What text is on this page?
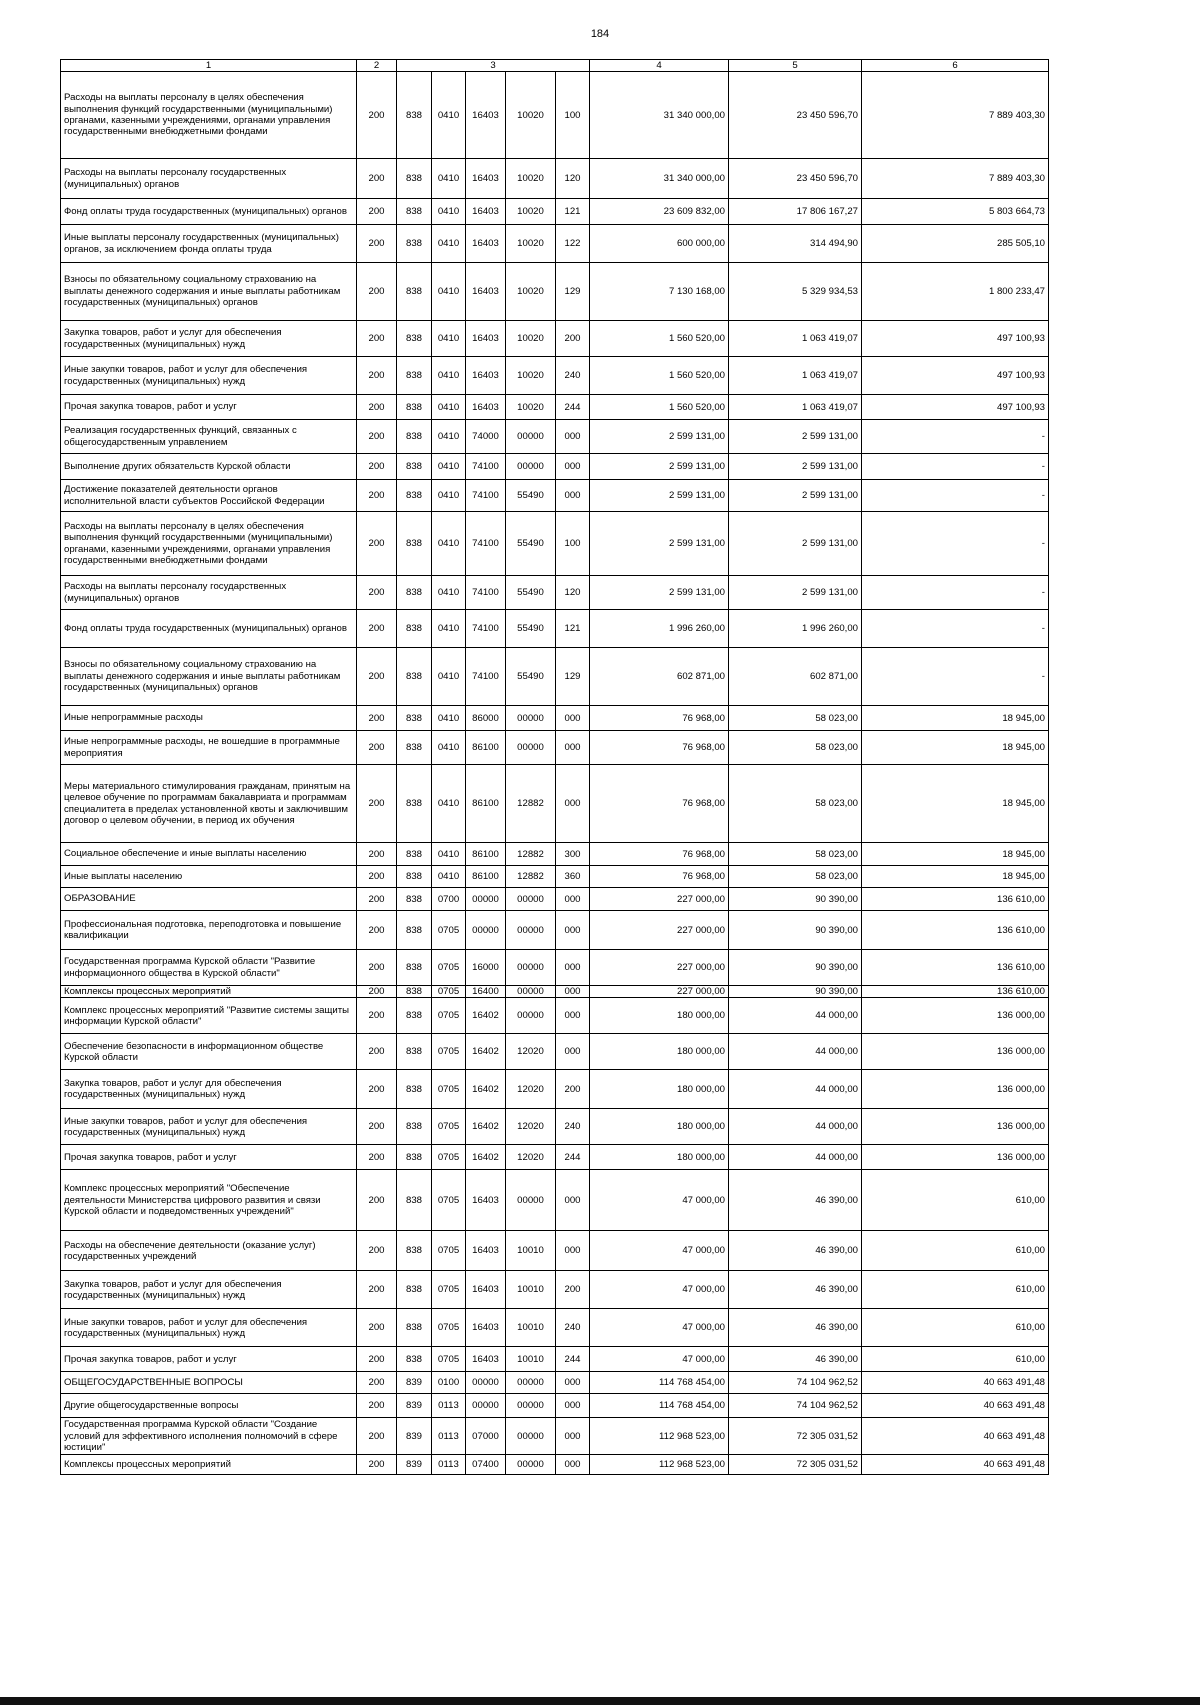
184
1	2	3					4	5	6
Расходы на выплаты персоналу в целях обеспечения выполнения функций государственными (муниципальными) органами, казенными учреждениями, органами управления государственными внебюджетными фондами	200	838	0410	16403	10020	100	31 340 000,00	23 450 596,70	7 889 403,30
Расходы на выплаты персоналу государственных (муниципальных) органов	200	838	0410	16403	10020	120	31 340 000,00	23 450 596,70	7 889 403,30
Фонд оплаты труда государственных (муниципальных) органов	200	838	0410	16403	10020	121	23 609 832,00	17 806 167,27	5 803 664,73
Иные выплаты персоналу государственных (муниципальных) органов, за исключением фонда оплаты труда	200	838	0410	16403	10020	122	600 000,00	314 494,90	285 505,10
Взносы по обязательному социальному страхованию на выплаты денежного содержания и иные выплаты работникам государственных (муниципальных) органов	200	838	0410	16403	10020	129	7 130 168,00	5 329 934,53	1 800 233,47
Закупка товаров, работ и услуг для обеспечения государственных (муниципальных) нужд	200	838	0410	16403	10020	200	1 560 520,00	1 063 419,07	497 100,93
Иные закупки товаров, работ и услуг для обеспечения государственных (муниципальных) нужд	200	838	0410	16403	10020	240	1 560 520,00	1 063 419,07	497 100,93
Прочая закупка товаров, работ и услуг	200	838	0410	16403	10020	244	1 560 520,00	1 063 419,07	497 100,93
Реализация государственных функций, связанных с общегосударственным управлением	200	838	0410	74000	00000	000	2 599 131,00	2 599 131,00	-
Выполнение других обязательств Курской области	200	838	0410	74100	00000	000	2 599 131,00	2 599 131,00	-
Достижение показателей деятельности органов исполнительной власти субъектов Российской Федерации	200	838	0410	74100	55490	000	2 599 131,00	2 599 131,00	-
Расходы на выплаты персоналу в целях обеспечения выполнения функций государственными (муниципальными) органами, казенными учреждениями, органами управления государственными внебюджетными фондами	200	838	0410	74100	55490	100	2 599 131,00	2 599 131,00	-
Расходы на выплаты персоналу государственных (муниципальных) органов	200	838	0410	74100	55490	120	2 599 131,00	2 599 131,00	-
Фонд оплаты труда государственных (муниципальных) органов	200	838	0410	74100	55490	121	1 996 260,00	1 996 260,00	-
Взносы по обязательному социальному страхованию на выплаты денежного содержания и иные выплаты работникам государственных (муниципальных) органов	200	838	0410	74100	55490	129	602 871,00	602 871,00	-
Иные непрограммные расходы	200	838	0410	86000	00000	000	76 968,00	58 023,00	18 945,00
Иные непрограммные расходы, не вошедшие в программные мероприятия	200	838	0410	86100	00000	000	76 968,00	58 023,00	18 945,00
Меры материального стимулирования гражданам, принятым на целевое обучение по программам бакалавриата и программам специалитета в пределах установленной квоты и заключившим договор о целевом обучении, в период их обучения	200	838	0410	86100	12882	000	76 968,00	58 023,00	18 945,00
Социальное обеспечение и иные выплаты населению	200	838	0410	86100	12882	300	76 968,00	58 023,00	18 945,00
Иные выплаты населению	200	838	0410	86100	12882	360	76 968,00	58 023,00	18 945,00
ОБРАЗОВАНИЕ	200	838	0700	00000	00000	000	227 000,00	90 390,00	136 610,00
Профессиональная подготовка, переподготовка и повышение квалификации	200	838	0705	00000	00000	000	227 000,00	90 390,00	136 610,00
Государственная программа Курской области "Развитие информационного общества в Курской области"	200	838	0705	16000	00000	000	227 000,00	90 390,00	136 610,00
Комплексы процессных мероприятий	200	838	0705	16400	00000	000	227 000,00	90 390,00	136 610,00
Комплекс процессных мероприятий "Развитие системы защиты информации Курской области"	200	838	0705	16402	00000	000	180 000,00	44 000,00	136 000,00
Обеспечение безопасности в информационном обществе Курской области	200	838	0705	16402	12020	000	180 000,00	44 000,00	136 000,00
Закупка товаров, работ и услуг для обеспечения государственных (муниципальных) нужд	200	838	0705	16402	12020	200	180 000,00	44 000,00	136 000,00
Иные закупки товаров, работ и услуг для обеспечения государственных (муниципальных) нужд	200	838	0705	16402	12020	240	180 000,00	44 000,00	136 000,00
Прочая закупка товаров, работ и услуг	200	838	0705	16402	12020	244	180 000,00	44 000,00	136 000,00
Комплекс процессных мероприятий "Обеспечение деятельности Министерства цифрового развития и связи Курской области и подведомственных учреждений"	200	838	0705	16403	00000	000	47 000,00	46 390,00	610,00
Расходы на обеспечение деятельности (оказание услуг) государственных учреждений	200	838	0705	16403	10010	000	47 000,00	46 390,00	610,00
Закупка товаров, работ и услуг для обеспечения государственных (муниципальных) нужд	200	838	0705	16403	10010	200	47 000,00	46 390,00	610,00
Иные закупки товаров, работ и услуг для обеспечения государственных (муниципальных) нужд	200	838	0705	16403	10010	240	47 000,00	46 390,00	610,00
Прочая закупка товаров, работ и услуг	200	838	0705	16403	10010	244	47 000,00	46 390,00	610,00
ОБЩЕГОСУДАРСТВЕННЫЕ ВОПРОСЫ	200	839	0100	00000	00000	000	114 768 454,00	74 104 962,52	40 663 491,48
Другие общегосударственные вопросы	200	839	0113	00000	00000	000	114 768 454,00	74 104 962,52	40 663 491,48
Государственная программа Курской области "Создание условий для эффективного исполнения полномочий в сфере юстиции"	200	839	0113	07000	00000	000	112 968 523,00	72 305 031,52	40 663 491,48
Комплексы процессных мероприятий	200	839	0113	07400	00000	000	112 968 523,00	72 305 031,52	40 663 491,48
